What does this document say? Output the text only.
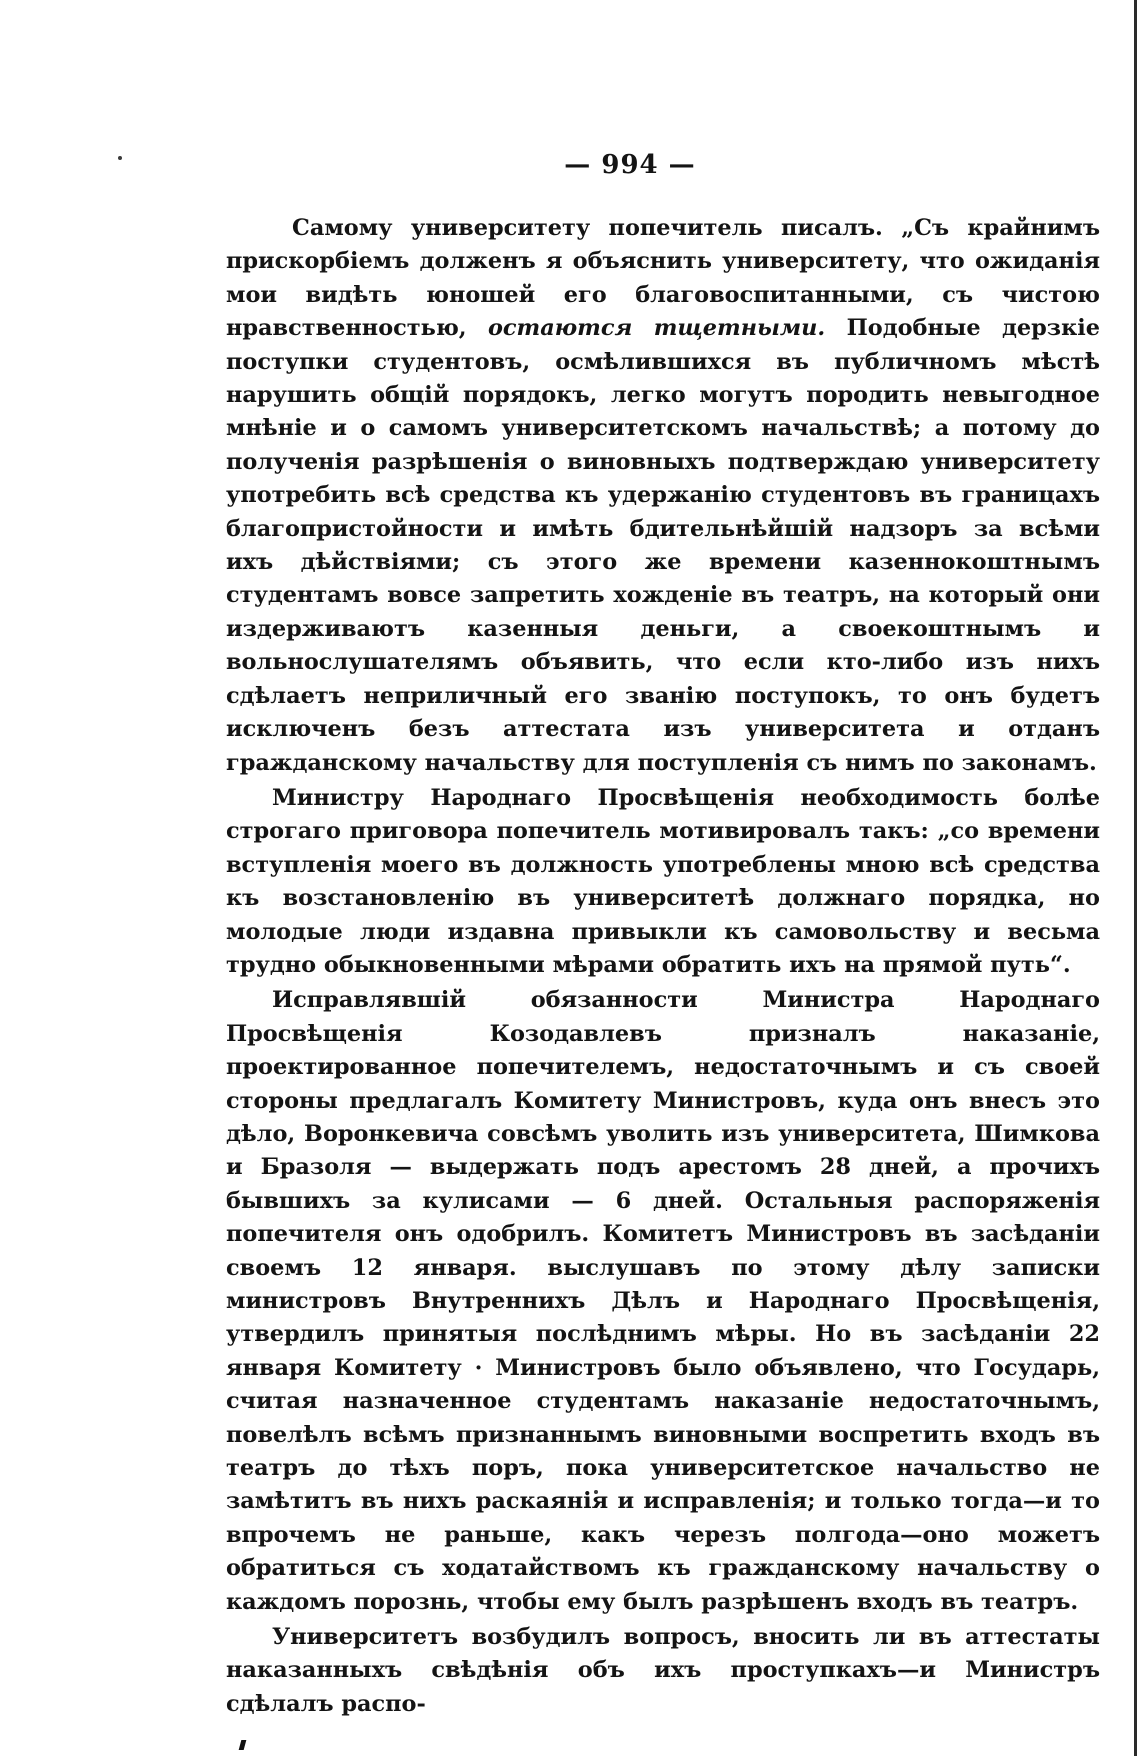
— 994 —

Самому университету попечитель писалъ. „Съ крайнимъ прискорбіемъ долженъ я объяснить университету, что ожиданія мои видѣть юношей его благовоспитанными, съ чистою нравственностью, остаются тщетными. Подобные дерзкіе поступки студентовъ, осмѣлившихся въ публичномъ мѣстѣ нарушить общій порядокъ, легко могутъ породить невыгодное мнѣніе и о самомъ университетскомъ начальствѣ; а потому до полученія разрѣшенія о виновныхъ подтверждаю университету употребить всѣ средства къ удержанію студентовъ въ границахъ благопристойности и имѣть бдительнѣйшій надзоръ за всѣми ихъ дѣйствіями; съ этого же времени казеннокоштнымъ студентамъ вовсе запретить хожденіе въ театръ, на который они издерживаютъ казенныя деньги, а своекоштнымъ и вольнослушателямъ объявить, что если кто-либо изъ нихъ сдѣлаетъ неприличный его званію поступокъ, то онъ будетъ исключенъ безъ аттестата изъ университета и отданъ гражданскому начальству для поступленія съ нимъ по законамъ.

Министру Народнаго Просвѣщенія необходимость болѣе строгаго приговора попечитель мотивировалъ такъ: „со времени вступленія моего въ должность употреблены мною всѣ средства къ возстановленію въ университетѣ должнаго порядка, но молодые люди издавна привыкли къ самовольству и весьма трудно обыкновенными мѣрами обратить ихъ на прямой путь“.

Исправлявшій обязанности Министра Народнаго Просвѣщенія Козодавлевъ призналъ наказаніе, проектированное попечителемъ, недостаточнымъ и съ своей стороны предлагалъ Комитету Министровъ, куда онъ внесъ это дѣло, Воронкевича совсѣмъ уволить изъ университета, Шимкова и Бразоля — выдержать подъ арестомъ 28 дней, а прочихъ бывшихъ за кулисами — 6 дней. Остальныя распоряженія попечителя онъ одобрилъ. Комитетъ Министровъ въ засѣданіи своемъ 12 января. выслушавъ по этому дѣлу записки министровъ Внутреннихъ Дѣлъ и Народнаго Просвѣщенія, утвердилъ принятыя послѣднимъ мѣры. Но въ засѣданіи 22 января Комитету · Министровъ было объявлено, что Государь, считая назначенное студентамъ наказаніе недостаточнымъ, повелѣлъ всѣмъ признаннымъ виновными воспретить входъ въ театръ до тѣхъ поръ, пока университетское начальство не замѣтитъ въ нихъ раскаянія и исправленія; и только тогда—и то впрочемъ не раньше, какъ черезъ полгода—оно можетъ обратиться съ ходатайствомъ къ гражданскому начальству о каждомъ порознь, чтобы ему былъ разрѣшенъ входъ въ театръ.

Университетъ возбудилъ вопросъ, вносить ли въ аттестаты наказанныхъ свѣдѣнія объ ихъ проступкахъ—и Министръ сдѣлалъ распо-
